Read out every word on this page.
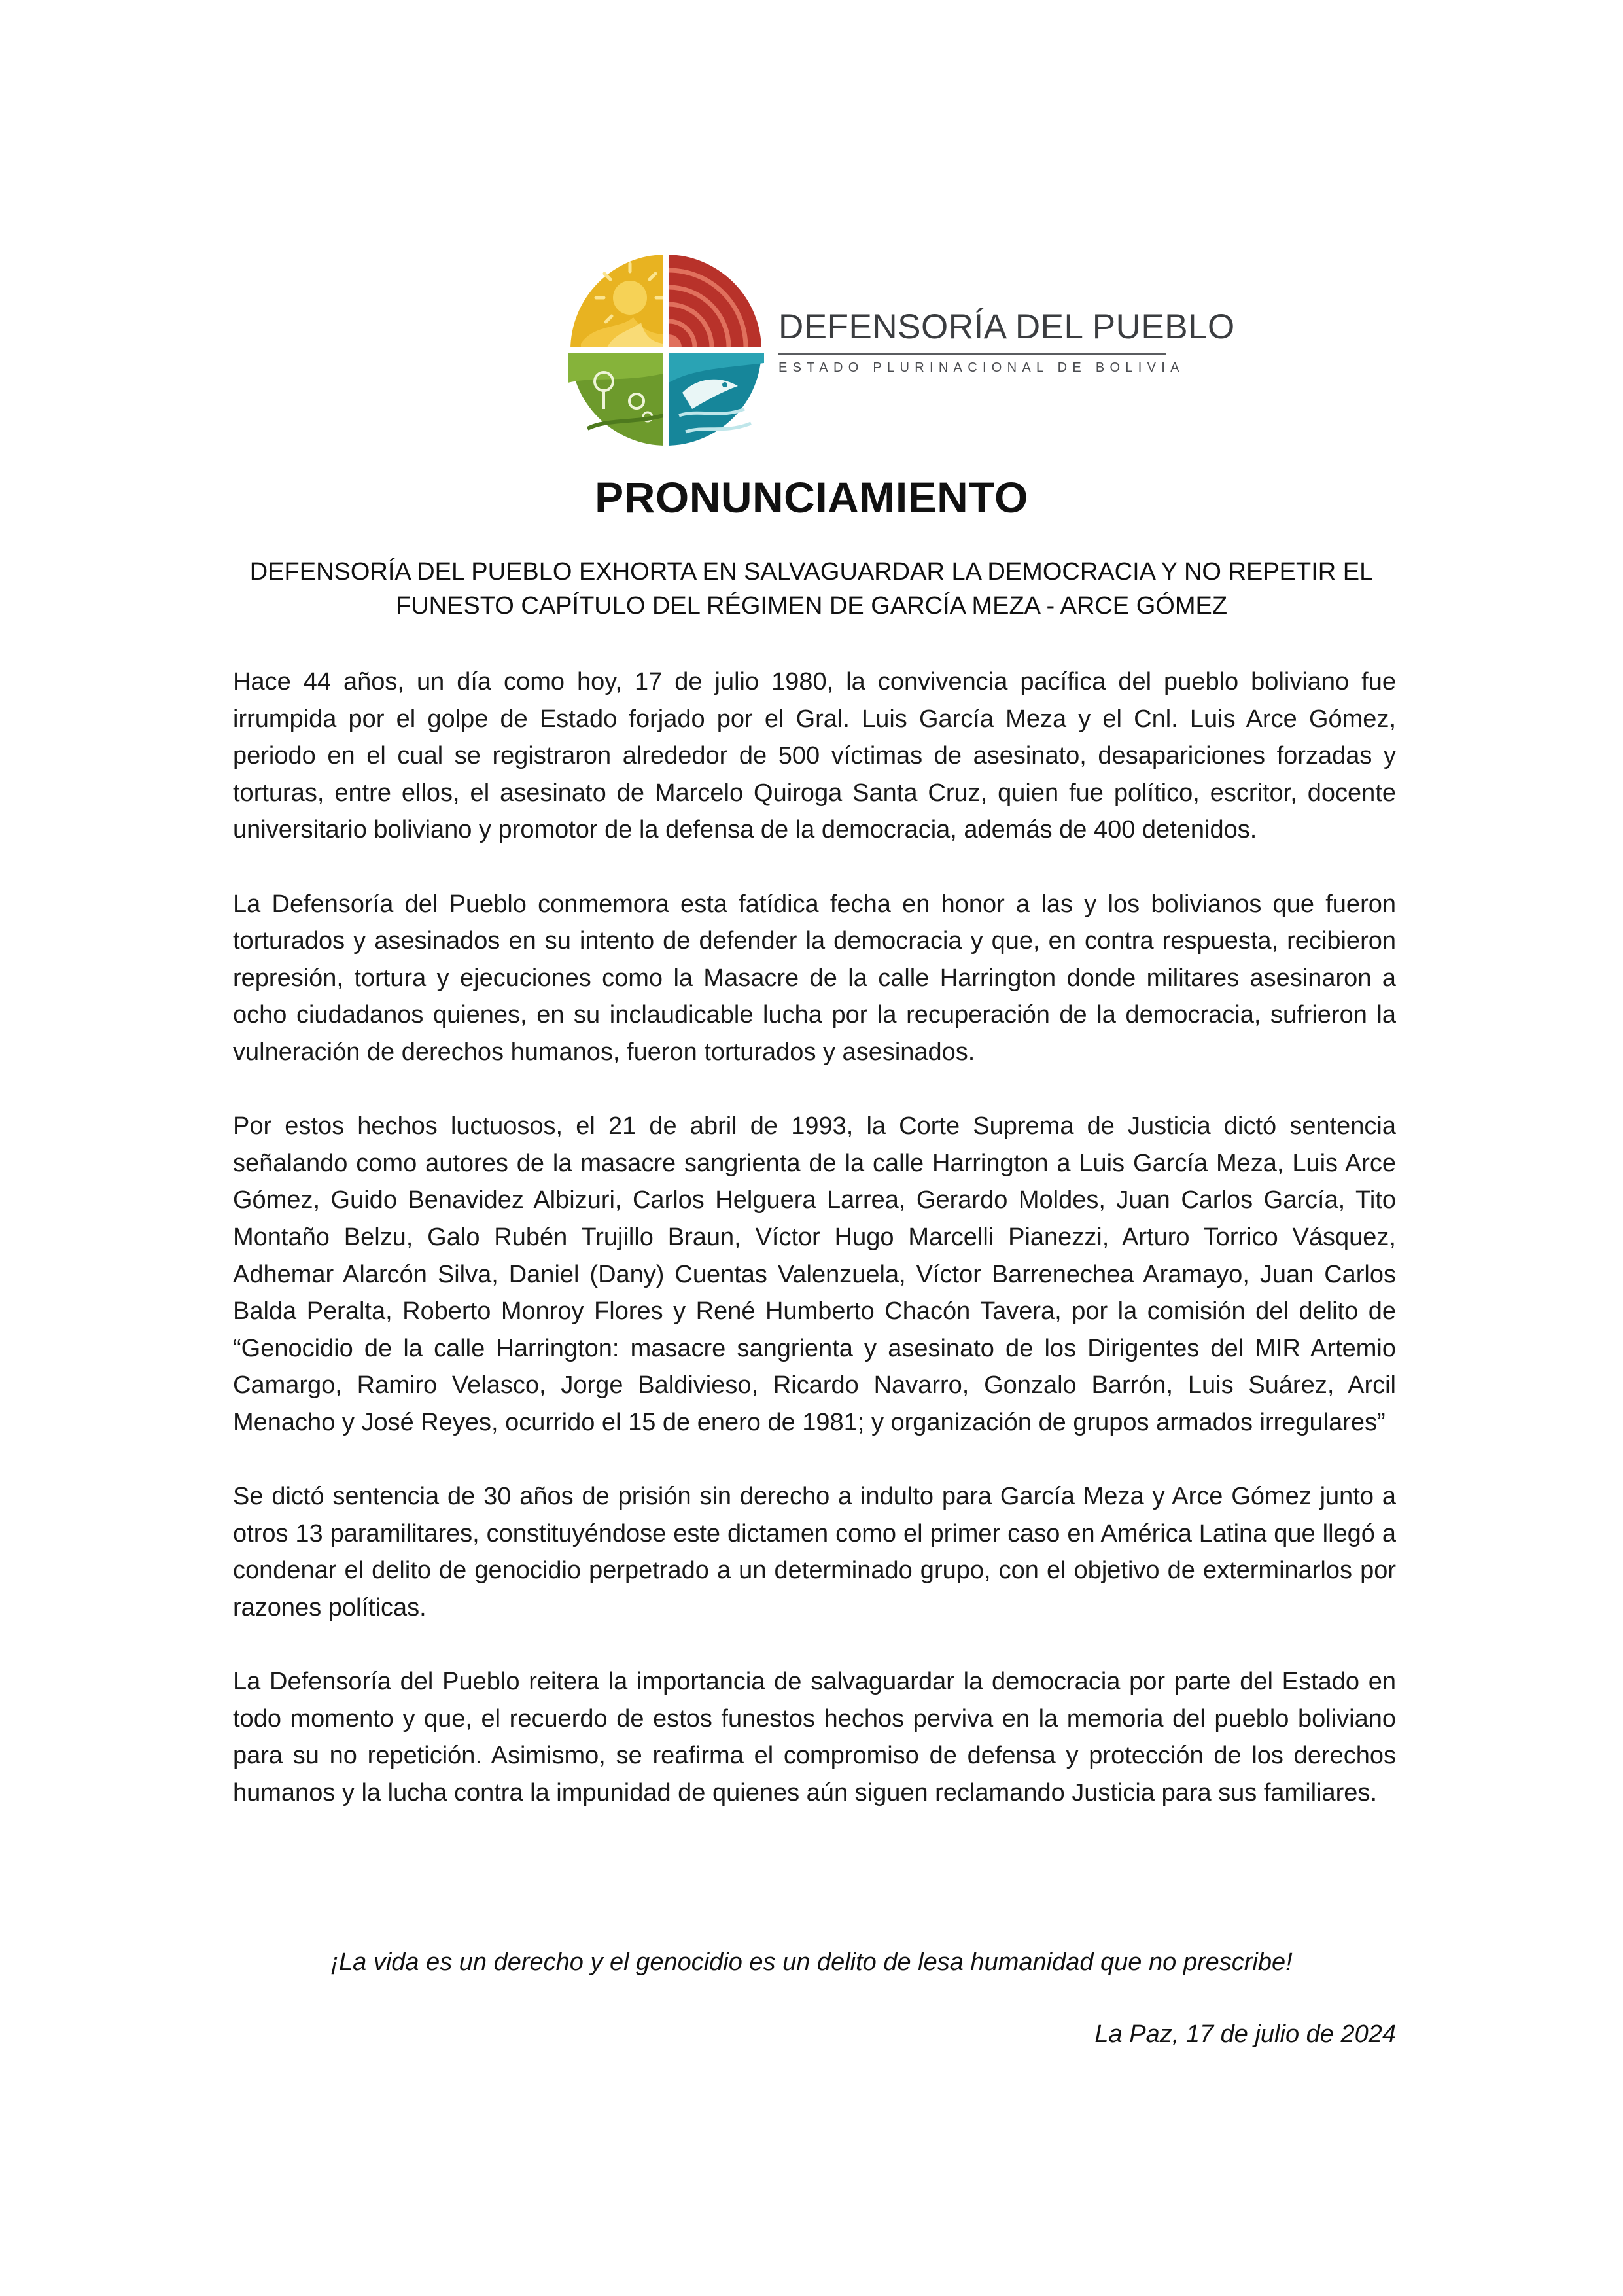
DEFENSORÍA DEL PUEBLO
ESTADO PLURINACIONAL DE BOLIVIA
PRONUNCIAMIENTO
DEFENSORÍA DEL PUEBLO EXHORTA EN SALVAGUARDAR LA DEMOCRACIA Y NO REPETIR EL
FUNESTO CAPÍTULO DEL RÉGIMEN DE GARCÍA MEZA - ARCE GÓMEZ

Hace 44 años, un día como hoy, 17 de julio 1980, la convivencia pacífica del pueblo boliviano fue irrumpida por el golpe de Estado forjado por el Gral. Luis García Meza y el Cnl. Luis Arce Gómez, periodo en el cual se registraron alrededor de 500 víctimas de asesinato, desapariciones forzadas y torturas, entre ellos, el asesinato de Marcelo Quiroga Santa Cruz, quien fue político, escritor, docente universitario boliviano y promotor de la defensa de la democracia, además de 400 detenidos.

La Defensoría del Pueblo conmemora esta fatídica fecha en honor a las y los bolivianos que fueron torturados y asesinados en su intento de defender la democracia y que, en contra respuesta, recibieron represión, tortura y ejecuciones como la Masacre de la calle Harrington donde militares asesinaron a ocho ciudadanos quienes, en su inclaudicable lucha por la recuperación de la democracia, sufrieron la vulneración de derechos humanos, fueron torturados y asesinados.

Por estos hechos luctuosos, el 21 de abril de 1993, la Corte Suprema de Justicia dictó sentencia señalando como autores de la masacre sangrienta de la calle Harrington a Luis García Meza, Luis Arce Gómez, Guido Benavidez Albizuri, Carlos Helguera Larrea, Gerardo Moldes, Juan Carlos García, Tito Montaño Belzu, Galo Rubén Trujillo Braun, Víctor Hugo Marcelli Pianezzi, Arturo Torrico Vásquez, Adhemar Alarcón Silva, Daniel (Dany) Cuentas Valenzuela, Víctor Barrenechea Aramayo, Juan Carlos Balda Peralta, Roberto Monroy Flores y René Humberto Chacón Tavera, por la comisión del delito de “Genocidio de la calle Harrington: masacre sangrienta y asesinato de los Dirigentes del MIR Artemio Camargo, Ramiro Velasco, Jorge Baldivieso, Ricardo Navarro, Gonzalo Barrón, Luis Suárez, Arcil Menacho y José Reyes, ocurrido el 15 de enero de 1981; y organización de grupos armados irregulares”

Se dictó sentencia de 30 años de prisión sin derecho a indulto para García Meza y Arce Gómez junto a otros 13 paramilitares, constituyéndose este dictamen como el primer caso en América Latina que llegó a condenar el delito de genocidio perpetrado a un determinado grupo, con el objetivo de exterminarlos por razones políticas.

La Defensoría del Pueblo reitera la importancia de salvaguardar la democracia por parte del Estado en todo momento y que, el recuerdo de estos funestos hechos perviva en la memoria del pueblo boliviano para su no repetición. Asimismo, se reafirma el compromiso de defensa y protección de los derechos humanos y la lucha contra la impunidad de quienes aún siguen reclamando Justicia para sus familiares.

¡La vida es un derecho y el genocidio es un delito de lesa humanidad que no prescribe!
La Paz, 17 de julio de 2024
